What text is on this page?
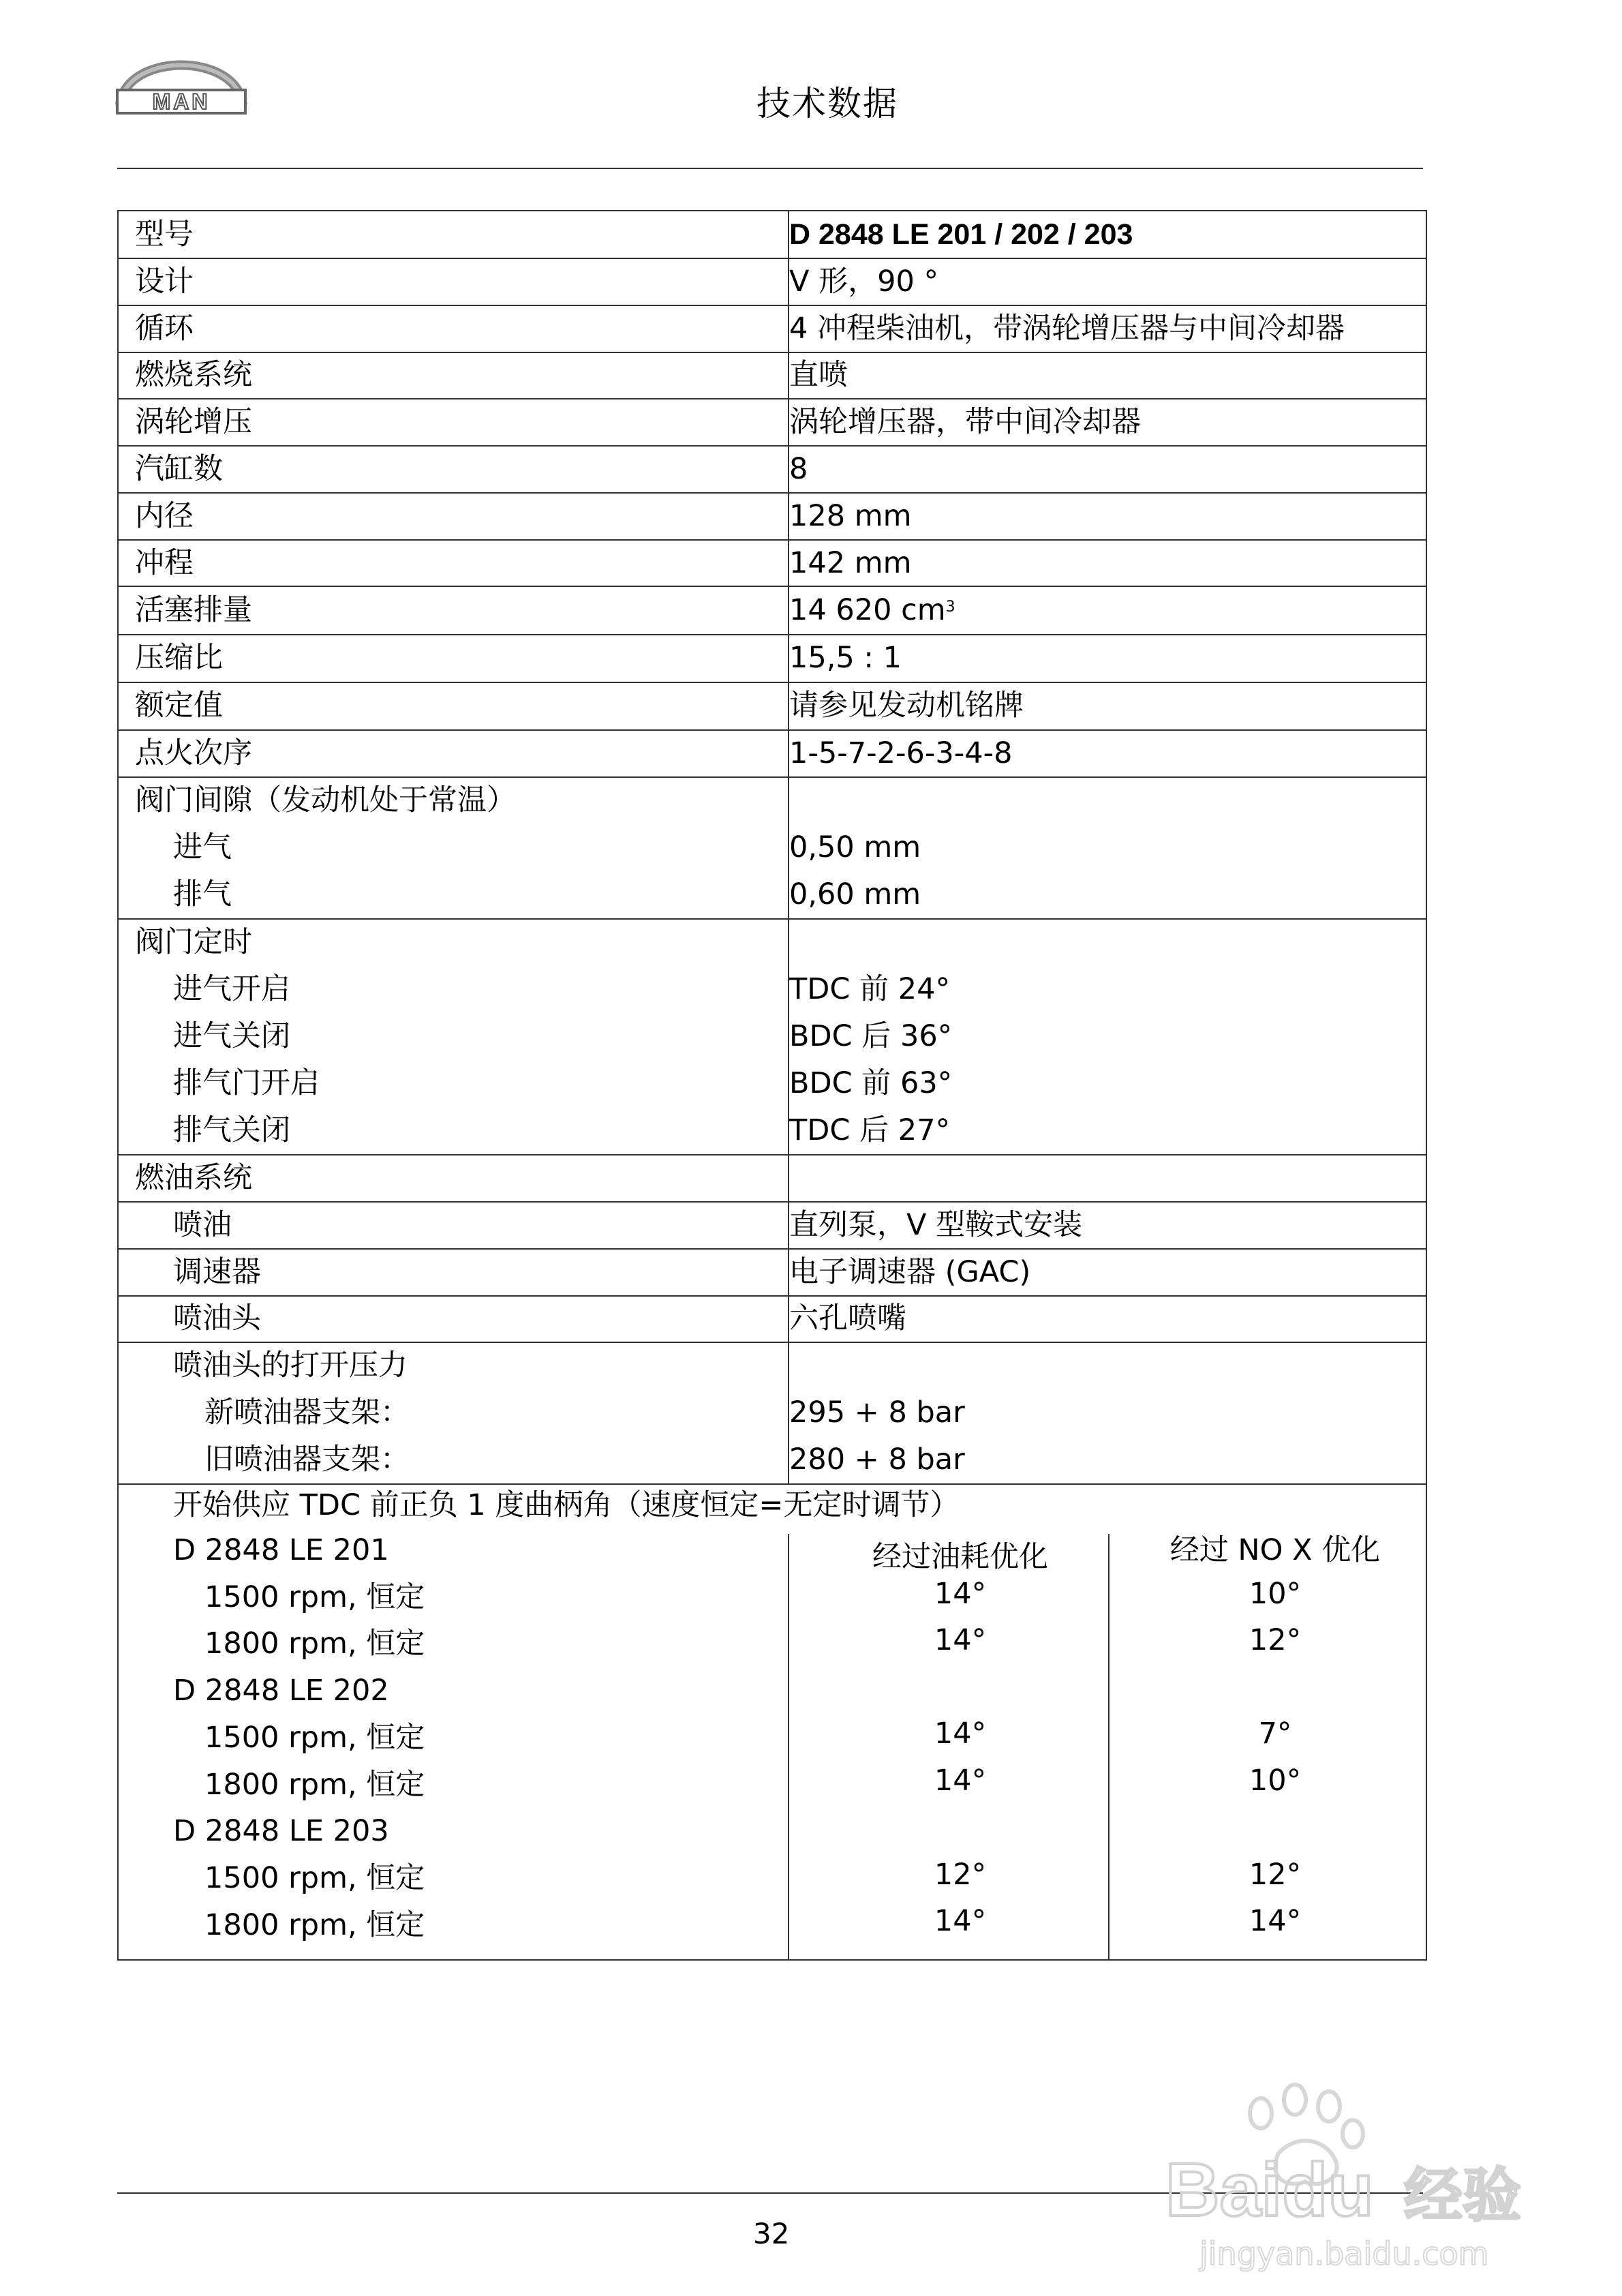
MAN	技术数据
型号	D 2848 LE 201 / 202 / 203
设计	V 形，90 °
循环	4 冲程柴油机，带涡轮增压器与中间冷却器
燃烧系统	直喷
涡轮增压	涡轮增压器，带中间冷却器
汽缸数	8
内径	128 mm
冲程	142 mm
活塞排量	14 620 $cm^3$
压缩比	15,5 : 1
额定值	请参见发动机铭牌
点火次序	1-5-7-2-6-3-4-8
阀门间隙（发动机处于常温）
进气	0,50 mm
排气	0,60 mm
阀门定时
进气开启	TDC 前 24°
进气关闭	BDC 后 36°
排气门开启	BDC 前 63°
排气关闭	TDC 后 27°
燃油系统
喷油	直列泵，V 型鞍式安装
调速器	电子调速器 (GAC)
喷油头	六孔喷嘴
喷油头的打开压力
新喷油器支架：	295 + 8 bar
旧喷油器支架：	280 + 8 bar
开始供应 TDC 前正负 1 度曲柄角（速度恒定=无定时调节）
D 2848 LE 201	经过油耗优化	经过 NO X 优化
1500 rpm, 恒定	14°	10°
1800 rpm, 恒定	14°	12°
D 2848 LE 202
1500 rpm, 恒定	14°	7°
1800 rpm, 恒定	14°	10°
D 2848 LE 203
1500 rpm, 恒定	12°	12°
1800 rpm, 恒定	14°	14°
32
Baidu 经验
jingyan.baidu.com
